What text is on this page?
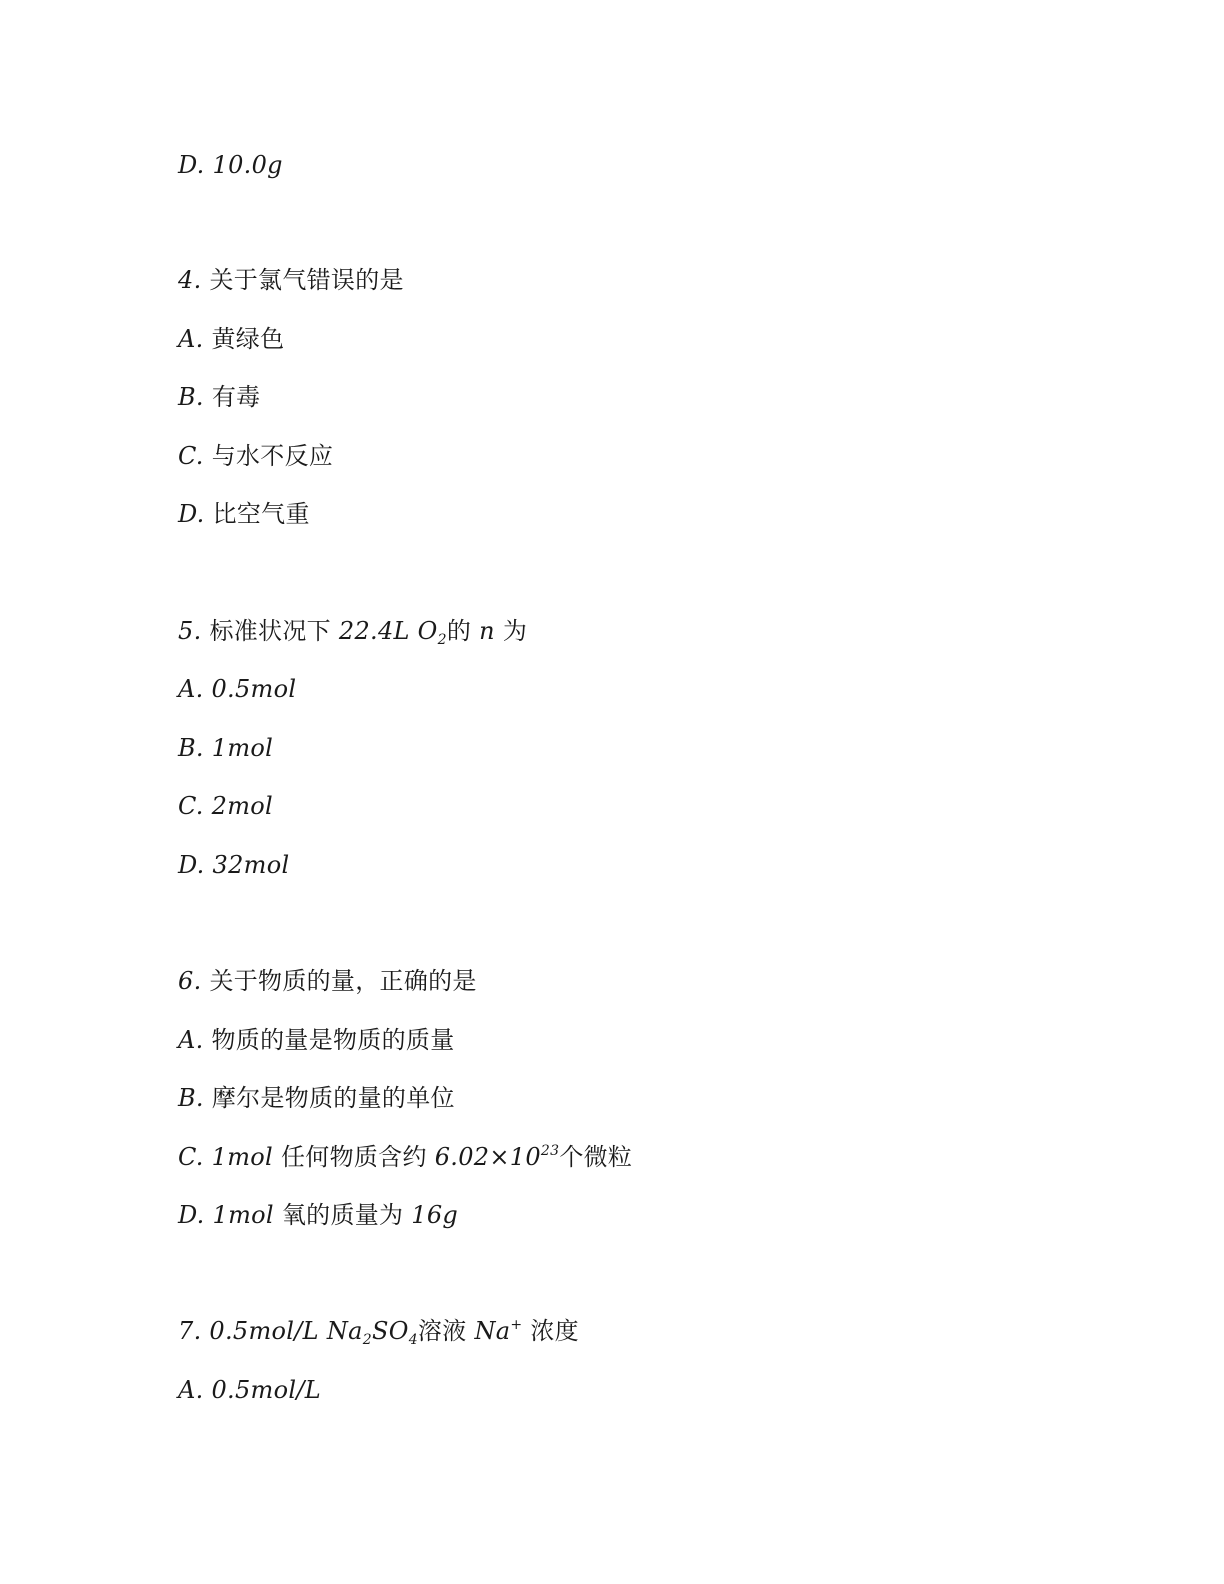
D. 10.0g
4. 关于氯气错误的是
A. 黄绿色
B. 有毒
C. 与水不反应
D. 比空气重
5. 标准状况下 22.4L $O_2$的 n 为
A. 0.5mol
B. 1mol
C. 2mol
D. 32mol
6. 关于物质的量，正确的是
A. 物质的量是物质的质量
B. 摩尔是物质的量的单位
C. 1mol 任何物质含约 $6.02\times 10^{23}$个微粒
D. 1mol 氧的质量为 16g
7. 0.5mol/L $Na_2SO_4$溶液 Na+ 浓度
A. 0.5mol/L
